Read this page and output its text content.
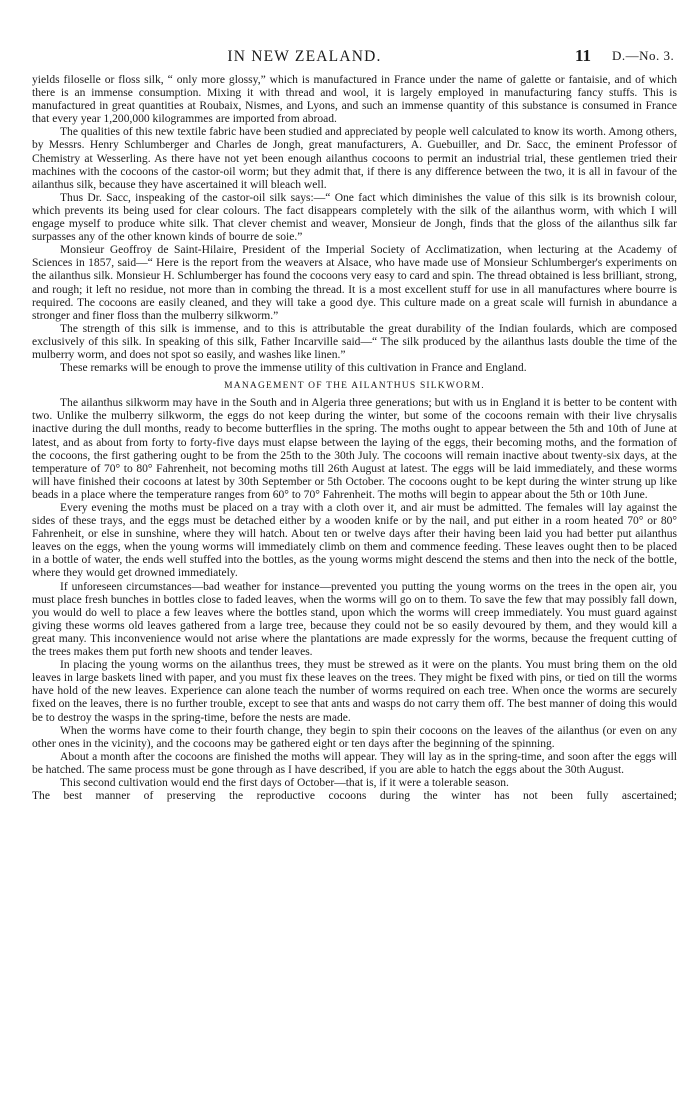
IN NEW ZEALAND.	11 D.—No. 3.

yields filoselle or floss silk, “ only more glossy,” which is manufactured in France under the name of galette or fantaisie, and of which there is an immense consumption. Mixing it with thread and wool, it is largely employed in manufacturing fancy stuffs. This is manufactured in great quantities at Roubaix, Nismes, and Lyons, and such an immense quantity of this substance is consumed in France that every year 1,200,000 kilogrammes are imported from abroad.

The qualities of this new textile fabric have been studied and appreciated by people well calculated to know its worth. Among others, by Messrs. Henry Schlumberger and Charles de Jongh, great manufacturers, A. Guebuiller, and Dr. Sacc, the eminent Professor of Chemistry at Wesserling. As there have not yet been enough ailanthus cocoons to permit an industrial trial, these gentlemen tried their machines with the cocoons of the castor-oil worm; but they admit that, if there is any difference between the two, it is all in favour of the ailanthus silk, because they have ascertained it will bleach well.

Thus Dr. Sacc, inspeaking of the castor-oil silk says:—“ One fact which diminishes the value of this silk is its brownish colour, which prevents its being used for clear colours. The fact disappears completely with the silk of the ailanthus worm, with which I will engage myself to produce white silk. That clever chemist and weaver, Monsieur de Jongh, finds that the gloss of the ailanthus silk far surpasses any of the other known kinds of bourre de soie.”

Monsieur Geoffroy de Saint-Hilaire, President of the Imperial Society of Acclimatization, when lecturing at the Academy of Sciences in 1857, said—“ Here is the report from the weavers at Alsace, who have made use of Monsieur Schlumberger's experiments on the ailanthus silk. Monsieur H. Schlumberger has found the cocoons very easy to card and spin. The thread obtained is less brilliant, strong, and rough; it left no residue, not more than in combing the thread. It is a most excellent stuff for use in all manufactures where bourre is required. The cocoons are easily cleaned, and they will take a good dye. This culture made on a great scale will furnish in abundance a stronger and finer floss than the mulberry silkworm.”

The strength of this silk is immense, and to this is attributable the great durability of the Indian foulards, which are composed exclusively of this silk. In speaking of this silk, Father Incarville said—“ The silk produced by the ailanthus lasts double the time of the mulberry worm, and does not spot so easily, and washes like linen.”

These remarks will be enough to prove the immense utility of this cultivation in France and England.

MANAGEMENT OF THE AILANTHUS SILKWORM.

The ailanthus silkworm may have in the South and in Algeria three generations; but with us in England it is better to be content with two. Unlike the mulberry silkworm, the eggs do not keep during the winter, but some of the cocoons remain with their live chrysalis inactive during the dull months, ready to become butterflies in the spring. The moths ought to appear between the 5th and 10th of June at latest, and as about from forty to forty-five days must elapse between the laying of the eggs, their becoming moths, and the formation of the cocoons, the first gathering ought to be from the 25th to the 30th July. The cocoons will remain inactive about twenty-six days, at the temperature of 70° to 80° Fahrenheit, not becoming moths till 26th August at latest. The eggs will be laid immediately, and these worms will have finished their cocoons at latest by 30th September or 5th October. The cocoons ought to be kept during the winter strung up like beads in a place where the temperature ranges from 60° to 70° Fahrenheit. The moths will begin to appear about the 5th or 10th June.

Every evening the moths must be placed on a tray with a cloth over it, and air must be admitted. The females will lay against the sides of these trays, and the eggs must be detached either by a wooden knife or by the nail, and put either in a room heated 70° or 80° Fahrenheit, or else in sunshine, where they will hatch. About ten or twelve days after their having been laid you had better put ailanthus leaves on the eggs, when the young worms will immediately climb on them and commence feeding. These leaves ought then to be placed in a bottle of water, the ends well stuffed into the bottles, as the young worms might descend the stems and then into the neck of the bottle, where they would get drowned immediately.

If unforeseen circumstances—bad weather for instance—prevented you putting the young worms on the trees in the open air, you must place fresh bunches in bottles close to faded leaves, when the worms will go on to them. To save the few that may possibly fall down, you would do well to place a few leaves where the bottles stand, upon which the worms will creep immediately. You must guard against giving these worms old leaves gathered from a large tree, because they could not be so easily devoured by them, and they would kill a great many. This inconvenience would not arise where the plantations are made expressly for the worms, because the frequent cutting of the trees makes them put forth new shoots and tender leaves.

In placing the young worms on the ailanthus trees, they must be strewed as it were on the plants. You must bring them on the old leaves in large baskets lined with paper, and you must fix these leaves on the trees. They might be fixed with pins, or tied on till the worms have hold of the new leaves. Experience can alone teach the number of worms required on each tree. When once the worms are securely fixed on the leaves, there is no further trouble, except to see that ants and wasps do not carry them off. The best manner of doing this would be to destroy the wasps in the spring-time, before the nests are made.

When the worms have come to their fourth change, they begin to spin their cocoons on the leaves of the ailanthus (or even on any other ones in the vicinity), and the cocoons may be gathered eight or ten days after the beginning of the spinning.

About a month after the cocoons are finished the moths will appear. They will lay as in the spring-time, and soon after the eggs will be hatched. The same process must be gone through as I have described, if you are able to hatch the eggs about the 30th August.

This second cultivation would end the first days of October—that is, if it were a tolerable season.

The best manner of preserving the reproductive cocoons during the winter has not been fully ascertained;
